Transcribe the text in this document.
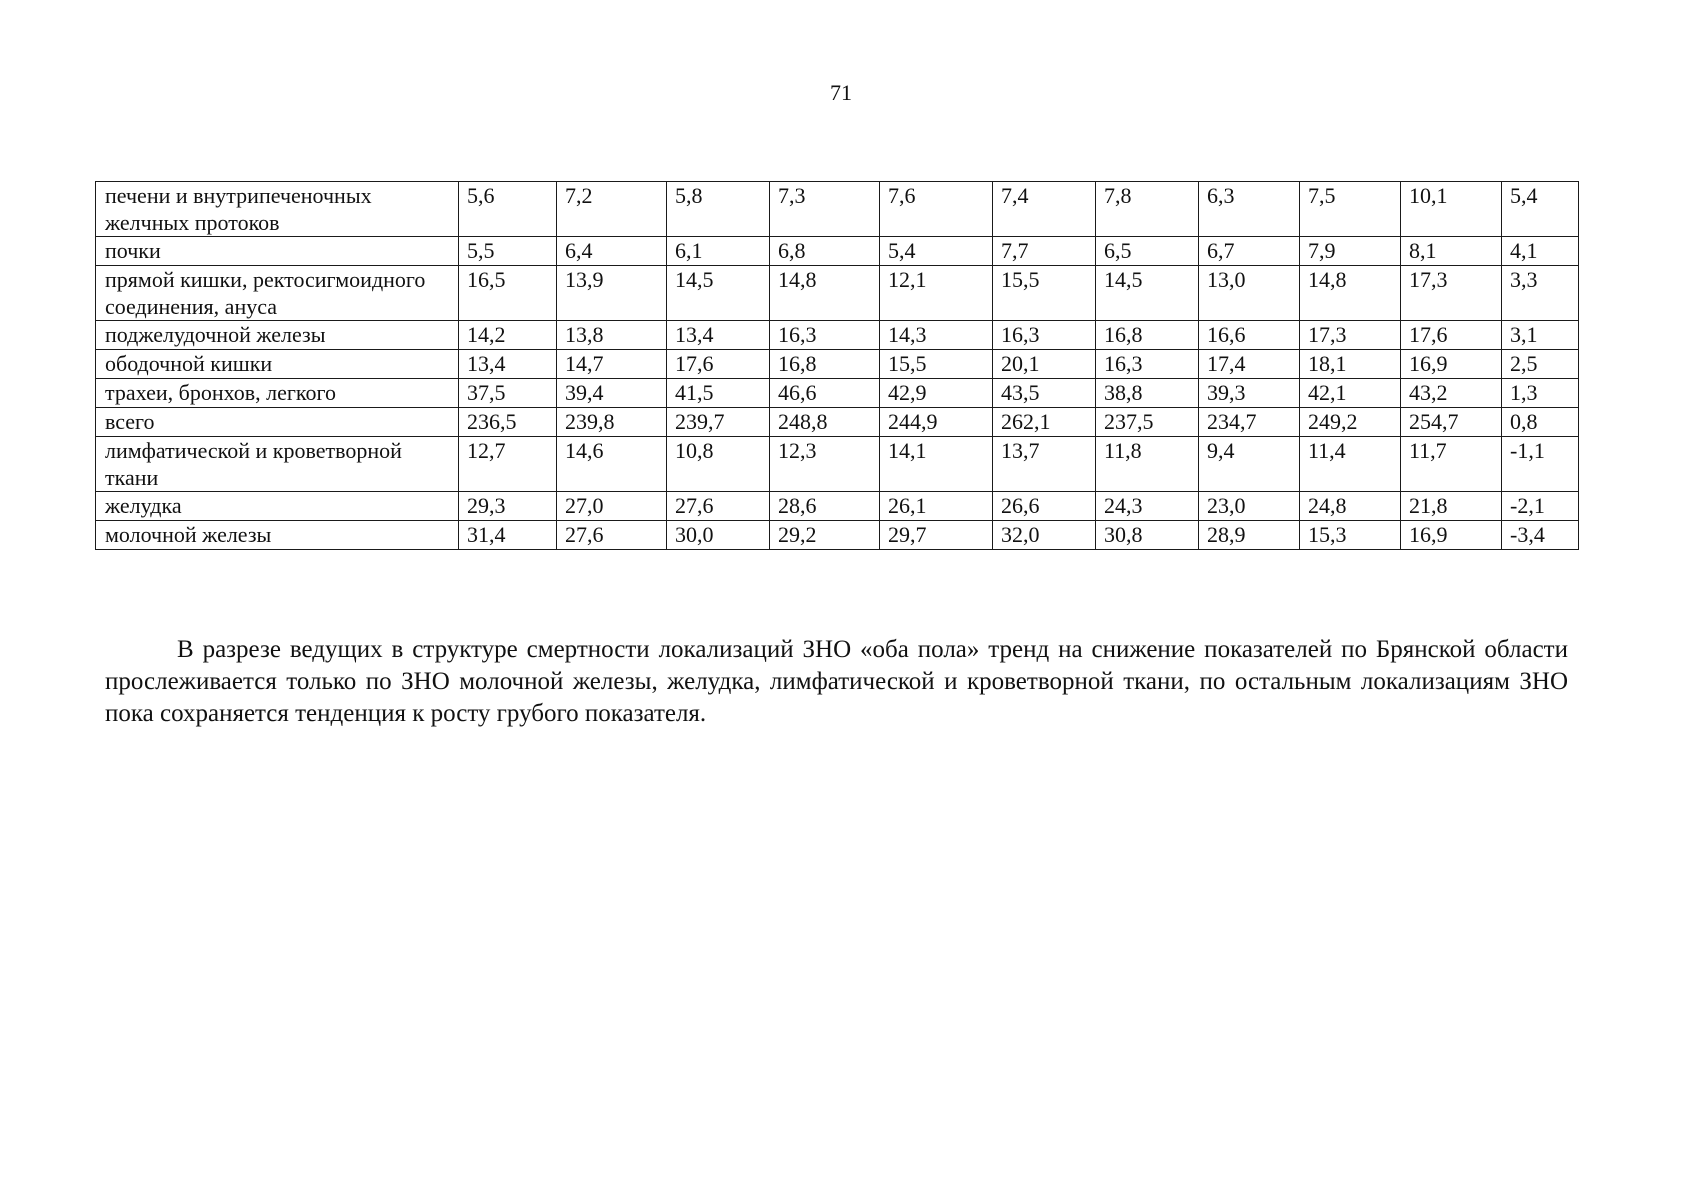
71
печени и внутрипеченочных желчных протоков	5,6	7,2	5,8	7,3	7,6	7,4	7,8	6,3	7,5	10,1	5,4
почки	5,5	6,4	6,1	6,8	5,4	7,7	6,5	6,7	7,9	8,1	4,1
прямой кишки, ректосигмоидного соединения, ануса	16,5	13,9	14,5	14,8	12,1	15,5	14,5	13,0	14,8	17,3	3,3
поджелудочной железы	14,2	13,8	13,4	16,3	14,3	16,3	16,8	16,6	17,3	17,6	3,1
ободочной кишки	13,4	14,7	17,6	16,8	15,5	20,1	16,3	17,4	18,1	16,9	2,5
трахеи, бронхов, легкого	37,5	39,4	41,5	46,6	42,9	43,5	38,8	39,3	42,1	43,2	1,3
всего	236,5	239,8	239,7	248,8	244,9	262,1	237,5	234,7	249,2	254,7	0,8
лимфатической и кроветворной ткани	12,7	14,6	10,8	12,3	14,1	13,7	11,8	9,4	11,4	11,7	-1,1
желудка	29,3	27,0	27,6	28,6	26,1	26,6	24,3	23,0	24,8	21,8	-2,1
молочной железы	31,4	27,6	30,0	29,2	29,7	32,0	30,8	28,9	15,3	16,9	-3,4

В разрезе ведущих в структуре смертности локализаций ЗНО «оба пола» тренд на снижение показателей по Брянской области прослеживается только по ЗНО молочной железы, желудка, лимфатической и кроветворной ткани, по остальным локализациям ЗНО пока сохраняется тенденция к росту грубого показателя.
